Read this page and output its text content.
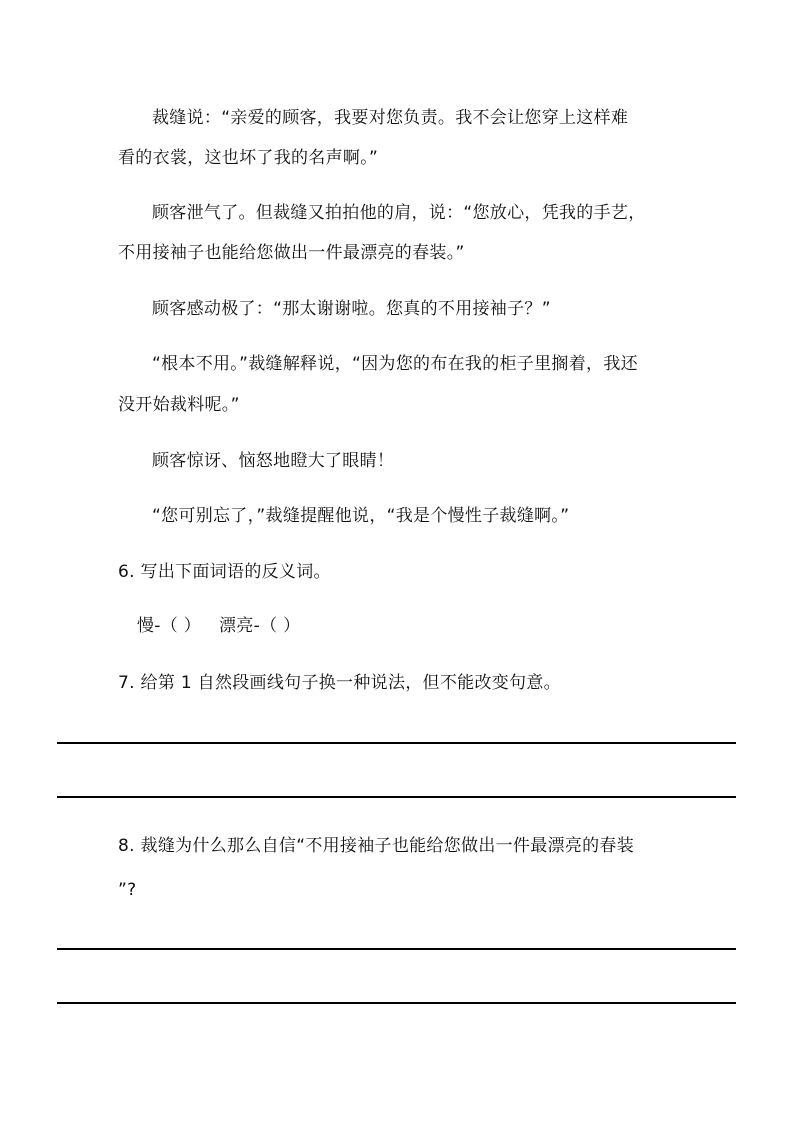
裁缝说：“亲爱的顾客，我要对您负责。我不会让您穿上这样难
看的衣裳，这也坏了我的名声啊。”
顾客泄气了。但裁缝又拍拍他的肩，说：“您放心，凭我的手艺，
不用接袖子也能给您做出一件最漂亮的春装。”
顾客感动极了：“那太谢谢啦。您真的不用接袖子？”
“根本不用。”裁缝解释说，“因为您的布在我的柜子里搁着，我还
没开始裁料呢。”
顾客惊讶、恼怒地瞪大了眼睛！
“您可别忘了，”裁缝提醒他说，“我是个慢性子裁缝啊。”
6. 写出下面词语的反义词。
慢-（ ） 漂亮-（ ）
7. 给第 1 自然段画线句子换一种说法，但不能改变句意。
8. 裁缝为什么那么自信“不用接袖子也能给您做出一件最漂亮的春装
”?
